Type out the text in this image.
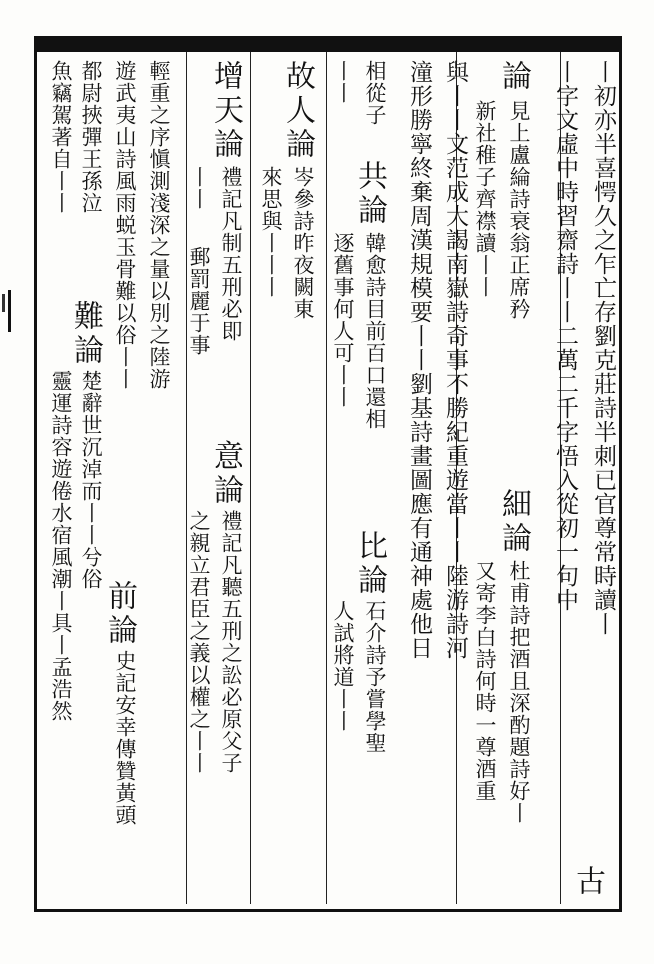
丨初亦半喜愕久之乍亡存劉克莊詩半刺已官尊常時讀丨
古
丨字文虛中時習齋詩丨丨二萬二千字悟入從初一句中
論
見上盧綸詩衰翁正席矜
細論
杜甫詩把酒且深酌題詩好丨
新社稚子齊襟讀丨丨
又寄李白詩何時一尊酒重
與丨丨文范成大謁南嶽詩奇事不勝紀重遊當丨丨陸游詩河
潼形勝寧終棄周漢規模要丨丨劉基詩畫圖應有通神處他日
相從子
共論
韓愈詩目前百口還相
比論
石介詩予嘗學聖
丨丨
逐舊事何人可丨丨
人試將道丨丨
故人論
岑參詩昨夜闕東
來思與丨丨丨
增天論
禮記凡制五刑必即
意論
禮記凡聽五刑之訟必原父子
丨丨
郵罰麗于事
之親立君臣之義以權之丨丨
輕重之序愼測淺深之量以別之陸游
遊武夷山詩風雨蜕玉骨難以俗丨丨
前論
史記安幸傳贊黃頭
都尉挾彈王孫泣
難論
楚辭世沉淖而丨丨兮俗
魚竊駕著自丨丨
靈運詩容遊倦水宿風潮丨具丨孟浩然
